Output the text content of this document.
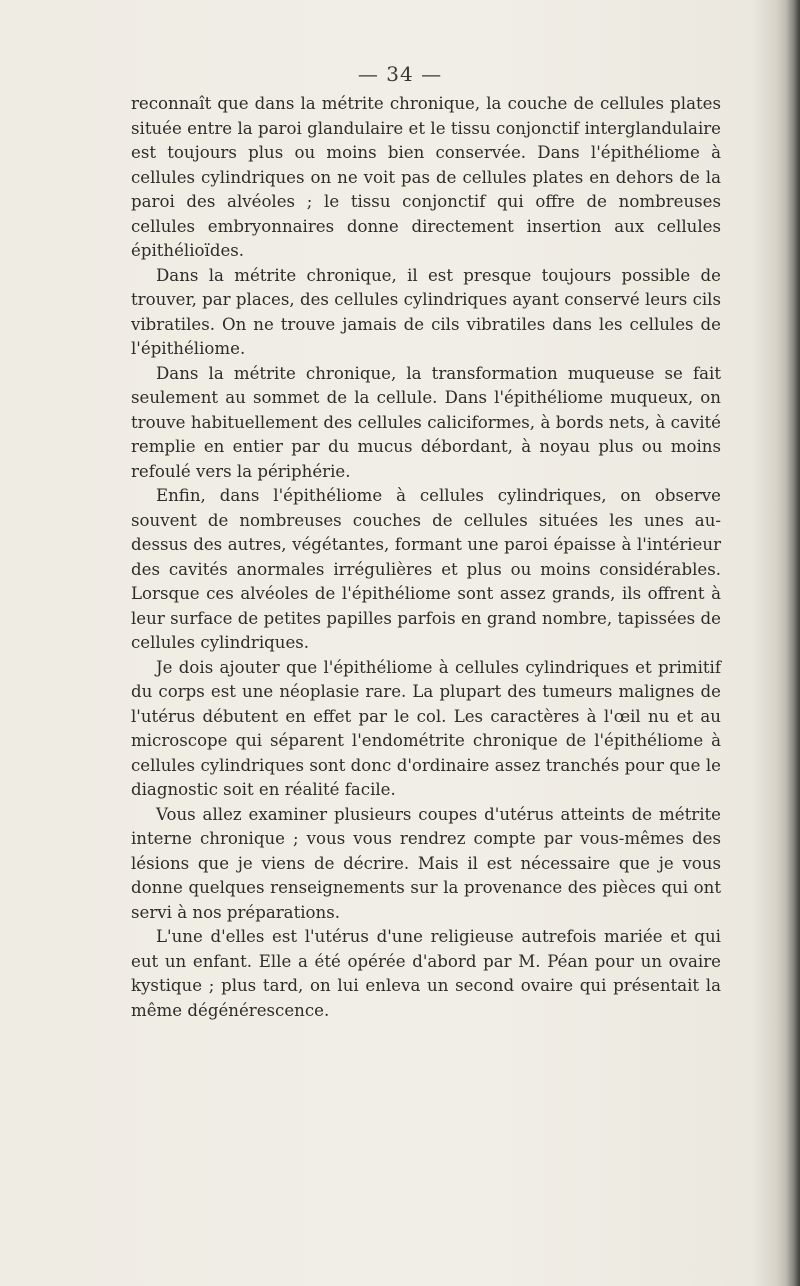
— 34 —

reconnaît que dans la métrite chronique, la couche de cellules plates située entre la paroi glandulaire et le tissu conjonctif interglandulaire est toujours plus ou moins bien conservée. Dans l'épithéliome à cellules cylindriques on ne voit pas de cellules plates en dehors de la paroi des alvéoles ; le tissu conjonctif qui offre de nombreuses cellules embryonnaires donne directement insertion aux cellules épithélioïdes.

Dans la métrite chronique, il est presque toujours possible de trouver, par places, des cellules cylindriques ayant conservé leurs cils vibratiles. On ne trouve jamais de cils vibratiles dans les cellules de l'épithéliome.

Dans la métrite chronique, la transformation muqueuse se fait seulement au sommet de la cellule. Dans l'épithéliome muqueux, on trouve habituellement des cellules caliciformes, à bords nets, à cavité remplie en entier par du mucus débordant, à noyau plus ou moins refoulé vers la périphérie.

Enfin, dans l'épithéliome à cellules cylindriques, on observe souvent de nombreuses couches de cellules situées les unes au-dessus des autres, végétantes, formant une paroi épaisse à l'intérieur des cavités anormales irrégulières et plus ou moins considérables. Lorsque ces alvéoles de l'épithéliome sont assez grands, ils offrent à leur surface de petites papilles parfois en grand nombre, tapissées de cellules cylindriques.

Je dois ajouter que l'épithéliome à cellules cylindriques et primitif du corps est une néoplasie rare. La plupart des tumeurs malignes de l'utérus débutent en effet par le col. Les caractères à l'œil nu et au microscope qui séparent l'endométrite chronique de l'épithéliome à cellules cylindriques sont donc d'ordinaire assez tranchés pour que le diagnostic soit en réalité facile.

Vous allez examiner plusieurs coupes d'utérus atteints de métrite interne chronique ; vous vous rendrez compte par vous-mêmes des lésions que je viens de décrire. Mais il est nécessaire que je vous donne quelques renseignements sur la provenance des pièces qui ont servi à nos préparations.

L'une d'elles est l'utérus d'une religieuse autrefois mariée et qui eut un enfant. Elle a été opérée d'abord par M. Péan pour un ovaire kystique ; plus tard, on lui enleva un second ovaire qui présentait la même dégénérescence.
